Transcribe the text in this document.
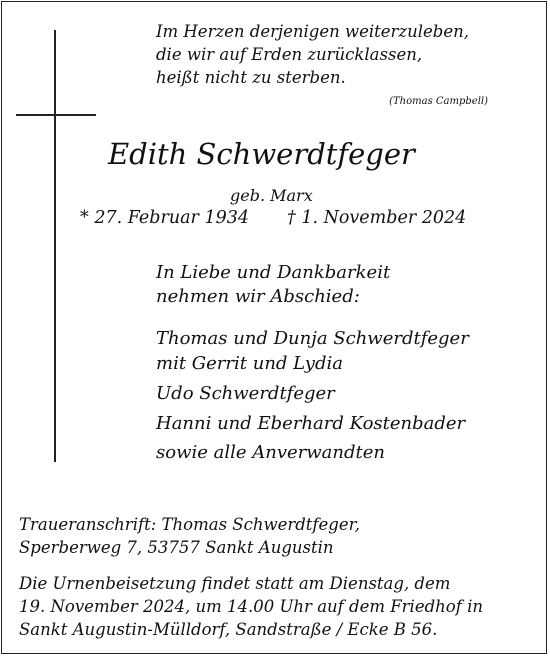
Im Herzen derjenigen weiterzuleben,
die wir auf Erden zurücklassen,
heißt nicht zu sterben.
(Thomas Campbell)
Edith Schwerdtfeger
geb. Marx
* 27. Februar 1934 † 1. November 2024
In Liebe und Dankbarkeit
nehmen wir Abschied:
Thomas und Dunja Schwerdtfeger
mit Gerrit und Lydia
Udo Schwerdtfeger
Hanni und Eberhard Kostenbader
sowie alle Anverwandten
Traueranschrift: Thomas Schwerdtfeger,
Sperberweg 7, 53757 Sankt Augustin
Die Urnenbeisetzung findet statt am Dienstag, dem
19. November 2024, um 14.00 Uhr auf dem Friedhof in
Sankt Augustin-Mülldorf, Sandstraße / Ecke B 56.
